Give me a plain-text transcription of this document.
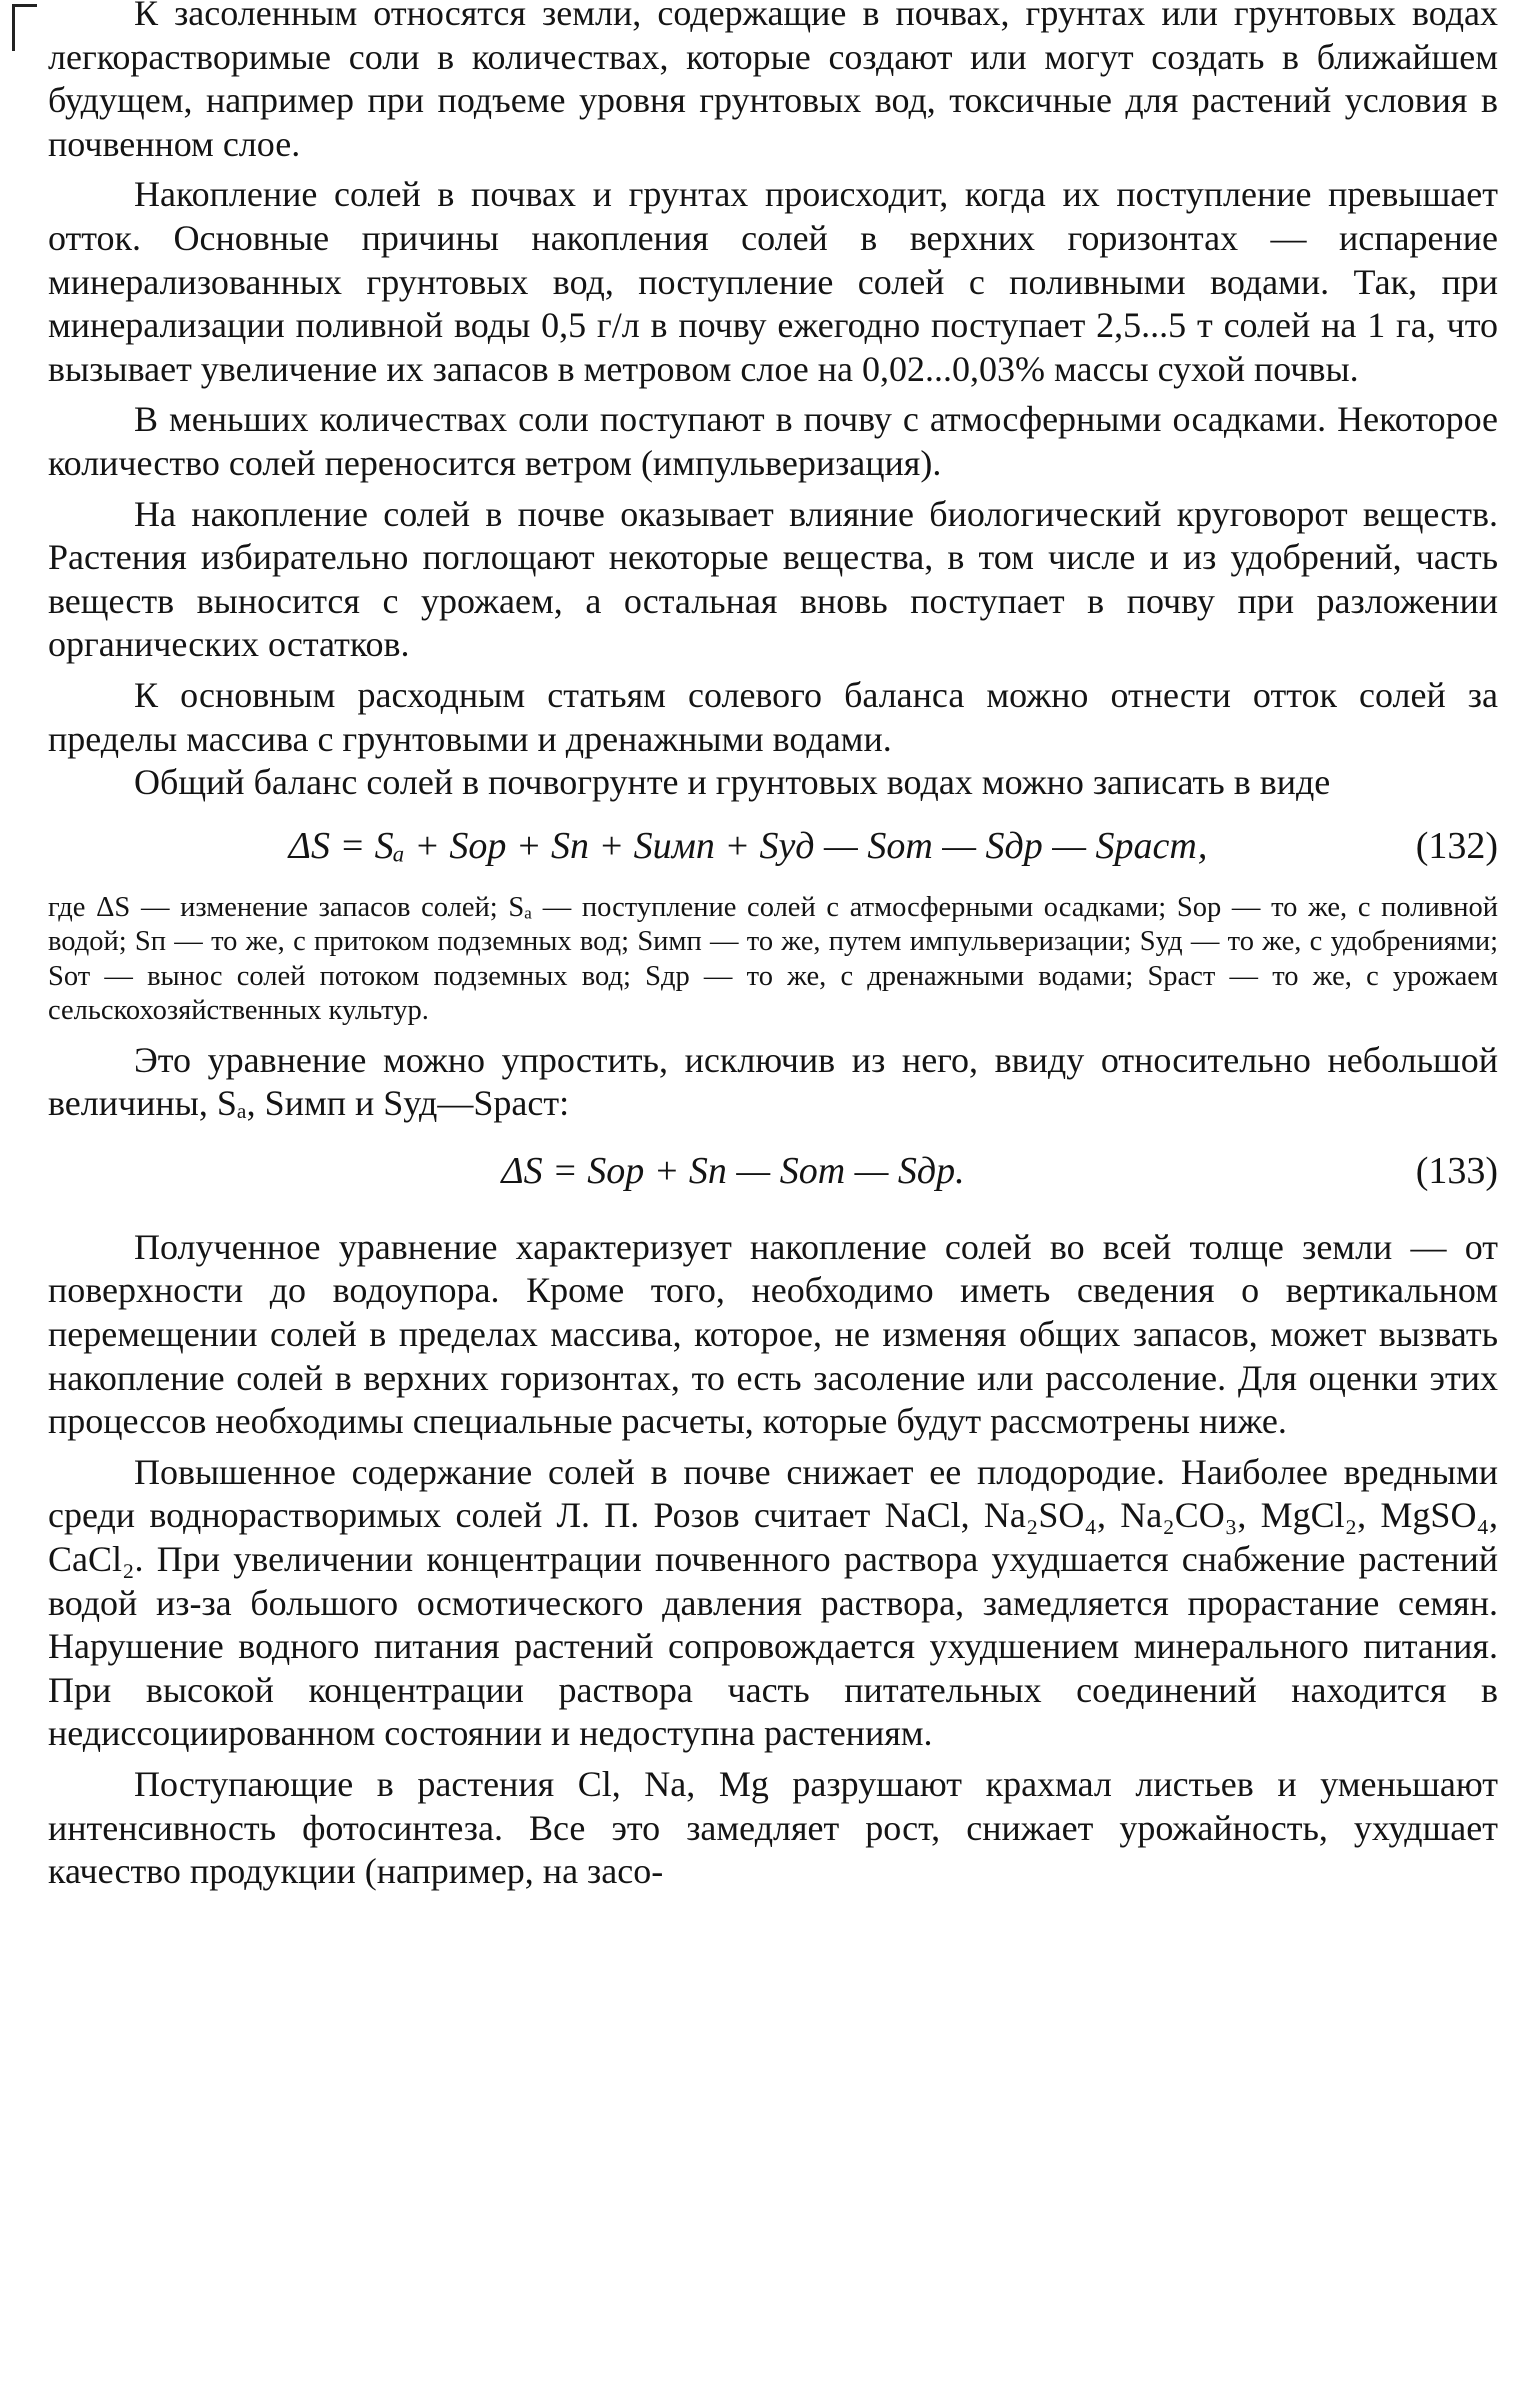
К засоленным относятся земли, содержащие в почвах, грунтах или грунтовых водах легкорастворимые соли в количествах, которые создают или могут создать в ближайшем будущем, например при подъеме уровня грунтовых вод, токсичные для растений условия в почвенном слое.

Накопление солей в почвах и грунтах происходит, когда их поступление превышает отток. Основные причины накопления солей в верхних горизонтах — испарение минерализованных грунтовых вод, поступление солей с поливными водами. Так, при минерализации поливной воды 0,5 г/л в почву ежегодно поступает 2,5...5 т солей на 1 га, что вызывает увеличение их запасов в метровом слое на 0,02...0,03% массы сухой почвы.

В меньших количествах соли поступают в почву с атмосферными осадками. Некоторое количество солей переносится ветром (импульверизация).

На накопление солей в почве оказывает влияние биологический круговорот веществ. Растения избирательно поглощают некоторые вещества, в том числе и из удобрений, часть веществ выносится с урожаем, а остальная вновь поступает в почву при разложении органических остатков.

К основным расходным статьям солевого баланса можно отнести отток солей за пределы массива с грунтовыми и дренажными водами.

Общий баланс солей в почвогрунте и грунтовых водах можно записать в виде

ΔS = Sₐ + Sор + Sп + Sимп + Sуд — Sот — Sдр — Sраст,	(132)

где ΔS — изменение запасов солей; Sₐ — поступление солей с атмосферными осадками; Sор — то же, с поливной водой; Sп — то же, с притоком подземных вод; Sимп — то же, путем импульверизации; Sуд — то же, с удобрениями; Sот — вынос солей потоком подземных вод; Sдр — то же, с дренажными водами; Sраст — то же, с урожаем сельскохозяйственных культур.

Это уравнение можно упростить, исключив из него, ввиду относительно небольшой величины, Sₐ, Sимп и Sуд—Sраст:

ΔS = Sор + Sп — Sот — Sдр.	(133)

Полученное уравнение характеризует накопление солей во всей толще земли — от поверхности до водоупора. Кроме того, необходимо иметь сведения о вертикальном перемещении солей в пределах массива, которое, не изменяя общих запасов, может вызвать накопление солей в верхних горизонтах, то есть засоление или рассоление. Для оценки этих процессов необходимы специальные расчеты, которые будут рассмотрены ниже.

Повышенное содержание солей в почве снижает ее плодородие. Наиболее вредными среди воднорастворимых солей Л. П. Розов считает NaCl, Na₂SO₄, Na₂CO₃, MgCl₂, MgSO₄, CaCl₂. При увеличении концентрации почвенного раствора ухудшается снабжение растений водой из-за большого осмотического давления раствора, замедляется прорастание семян. Нарушение водного питания растений сопровождается ухудшением минерального питания. При высокой концентрации раствора часть питательных соединений находится в недиссоциированном состоянии и недоступна растениям.

Поступающие в растения Cl, Na, Mg разрушают крахмал листьев и уменьшают интенсивность фотосинтеза. Все это замедляет рост, снижает урожайность, ухудшает качество продукции (например, на засо-
